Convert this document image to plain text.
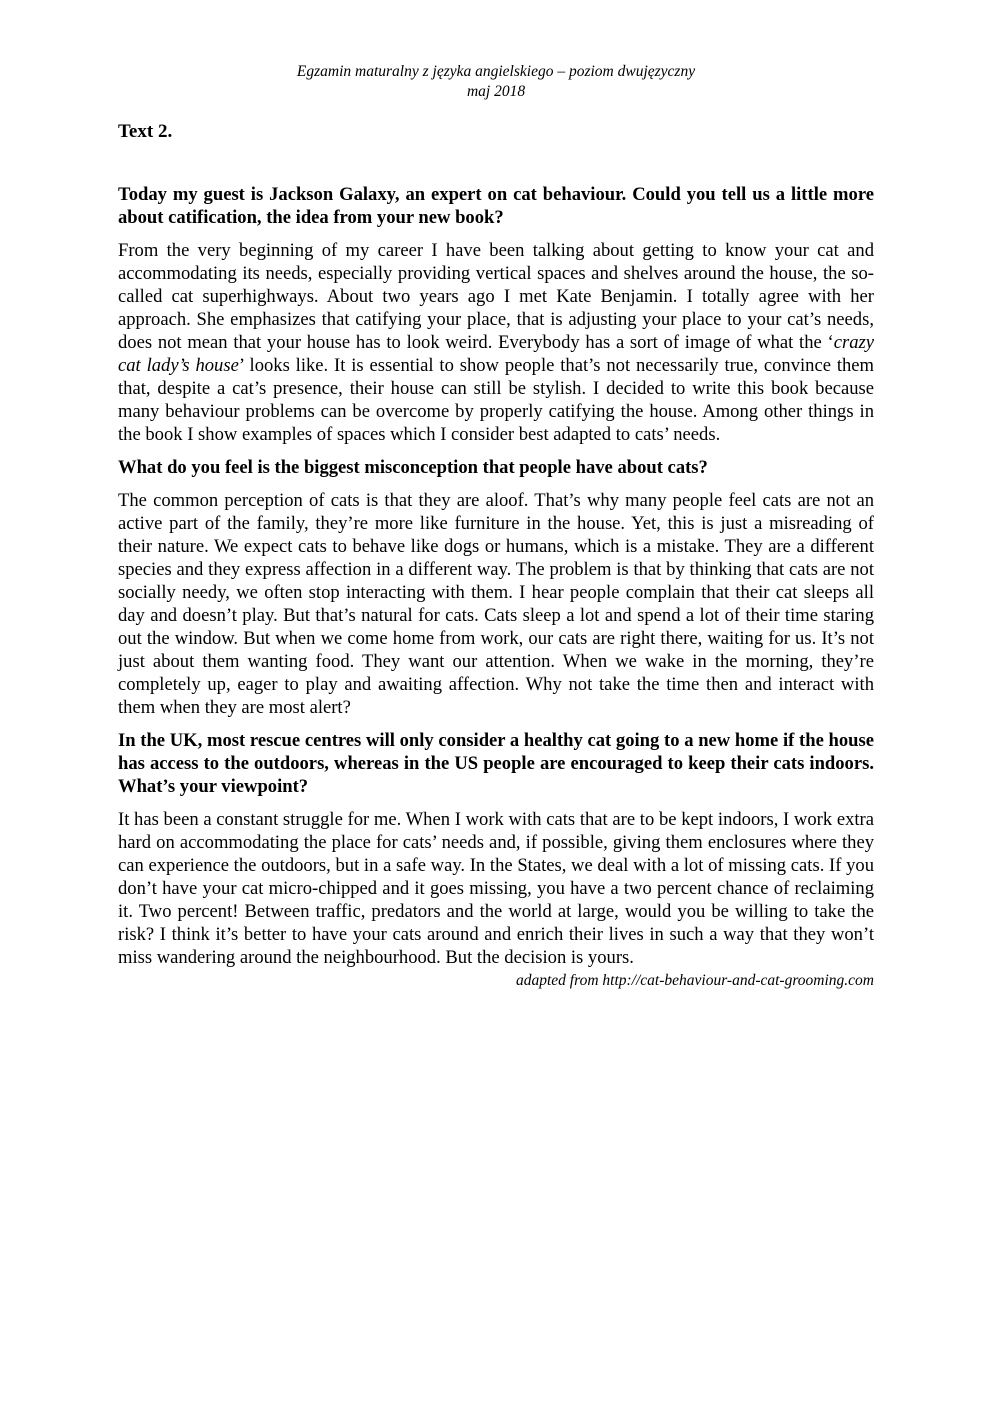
Egzamin maturalny z języka angielskiego – poziom dwujęzyczny
maj 2018
Text 2.
Today my guest is Jackson Galaxy, an expert on cat behaviour. Could you tell us a little more about catification, the idea from your new book?
From the very beginning of my career I have been talking about getting to know your cat and accommodating its needs, especially providing vertical spaces and shelves around the house, the so-called cat superhighways. About two years ago I met Kate Benjamin. I totally agree with her approach. She emphasizes that catifying your place, that is adjusting your place to your cat’s needs, does not mean that your house has to look weird. Everybody has a sort of image of what the ‘crazy cat lady’s house’ looks like. It is essential to show people that’s not necessarily true, convince them that, despite a cat’s presence, their house can still be stylish. I decided to write this book because many behaviour problems can be overcome by properly catifying the house. Among other things in the book I show examples of spaces which I consider best adapted to cats’ needs.
What do you feel is the biggest misconception that people have about cats?
The common perception of cats is that they are aloof. That’s why many people feel cats are not an active part of the family, they’re more like furniture in the house. Yet, this is just a misreading of their nature. We expect cats to behave like dogs or humans, which is a mistake. They are a different species and they express affection in a different way. The problem is that by thinking that cats are not socially needy, we often stop interacting with them. I hear people complain that their cat sleeps all day and doesn’t play. But that’s natural for cats. Cats sleep a lot and spend a lot of their time staring out the window. But when we come home from work, our cats are right there, waiting for us. It’s not just about them wanting food. They want our attention. When we wake in the morning, they’re completely up, eager to play and awaiting affection. Why not take the time then and interact with them when they are most alert?
In the UK, most rescue centres will only consider a healthy cat going to a new home if the house has access to the outdoors, whereas in the US people are encouraged to keep their cats indoors. What’s your viewpoint?
It has been a constant struggle for me. When I work with cats that are to be kept indoors, I work extra hard on accommodating the place for cats’ needs and, if possible, giving them enclosures where they can experience the outdoors, but in a safe way. In the States, we deal with a lot of missing cats. If you don’t have your cat micro-chipped and it goes missing, you have a two percent chance of reclaiming it. Two percent! Between traffic, predators and the world at large, would you be willing to take the risk? I think it’s better to have your cats around and enrich their lives in such a way that they won’t miss wandering around the neighbourhood. But the decision is yours.
adapted from http://cat-behaviour-and-cat-grooming.com
